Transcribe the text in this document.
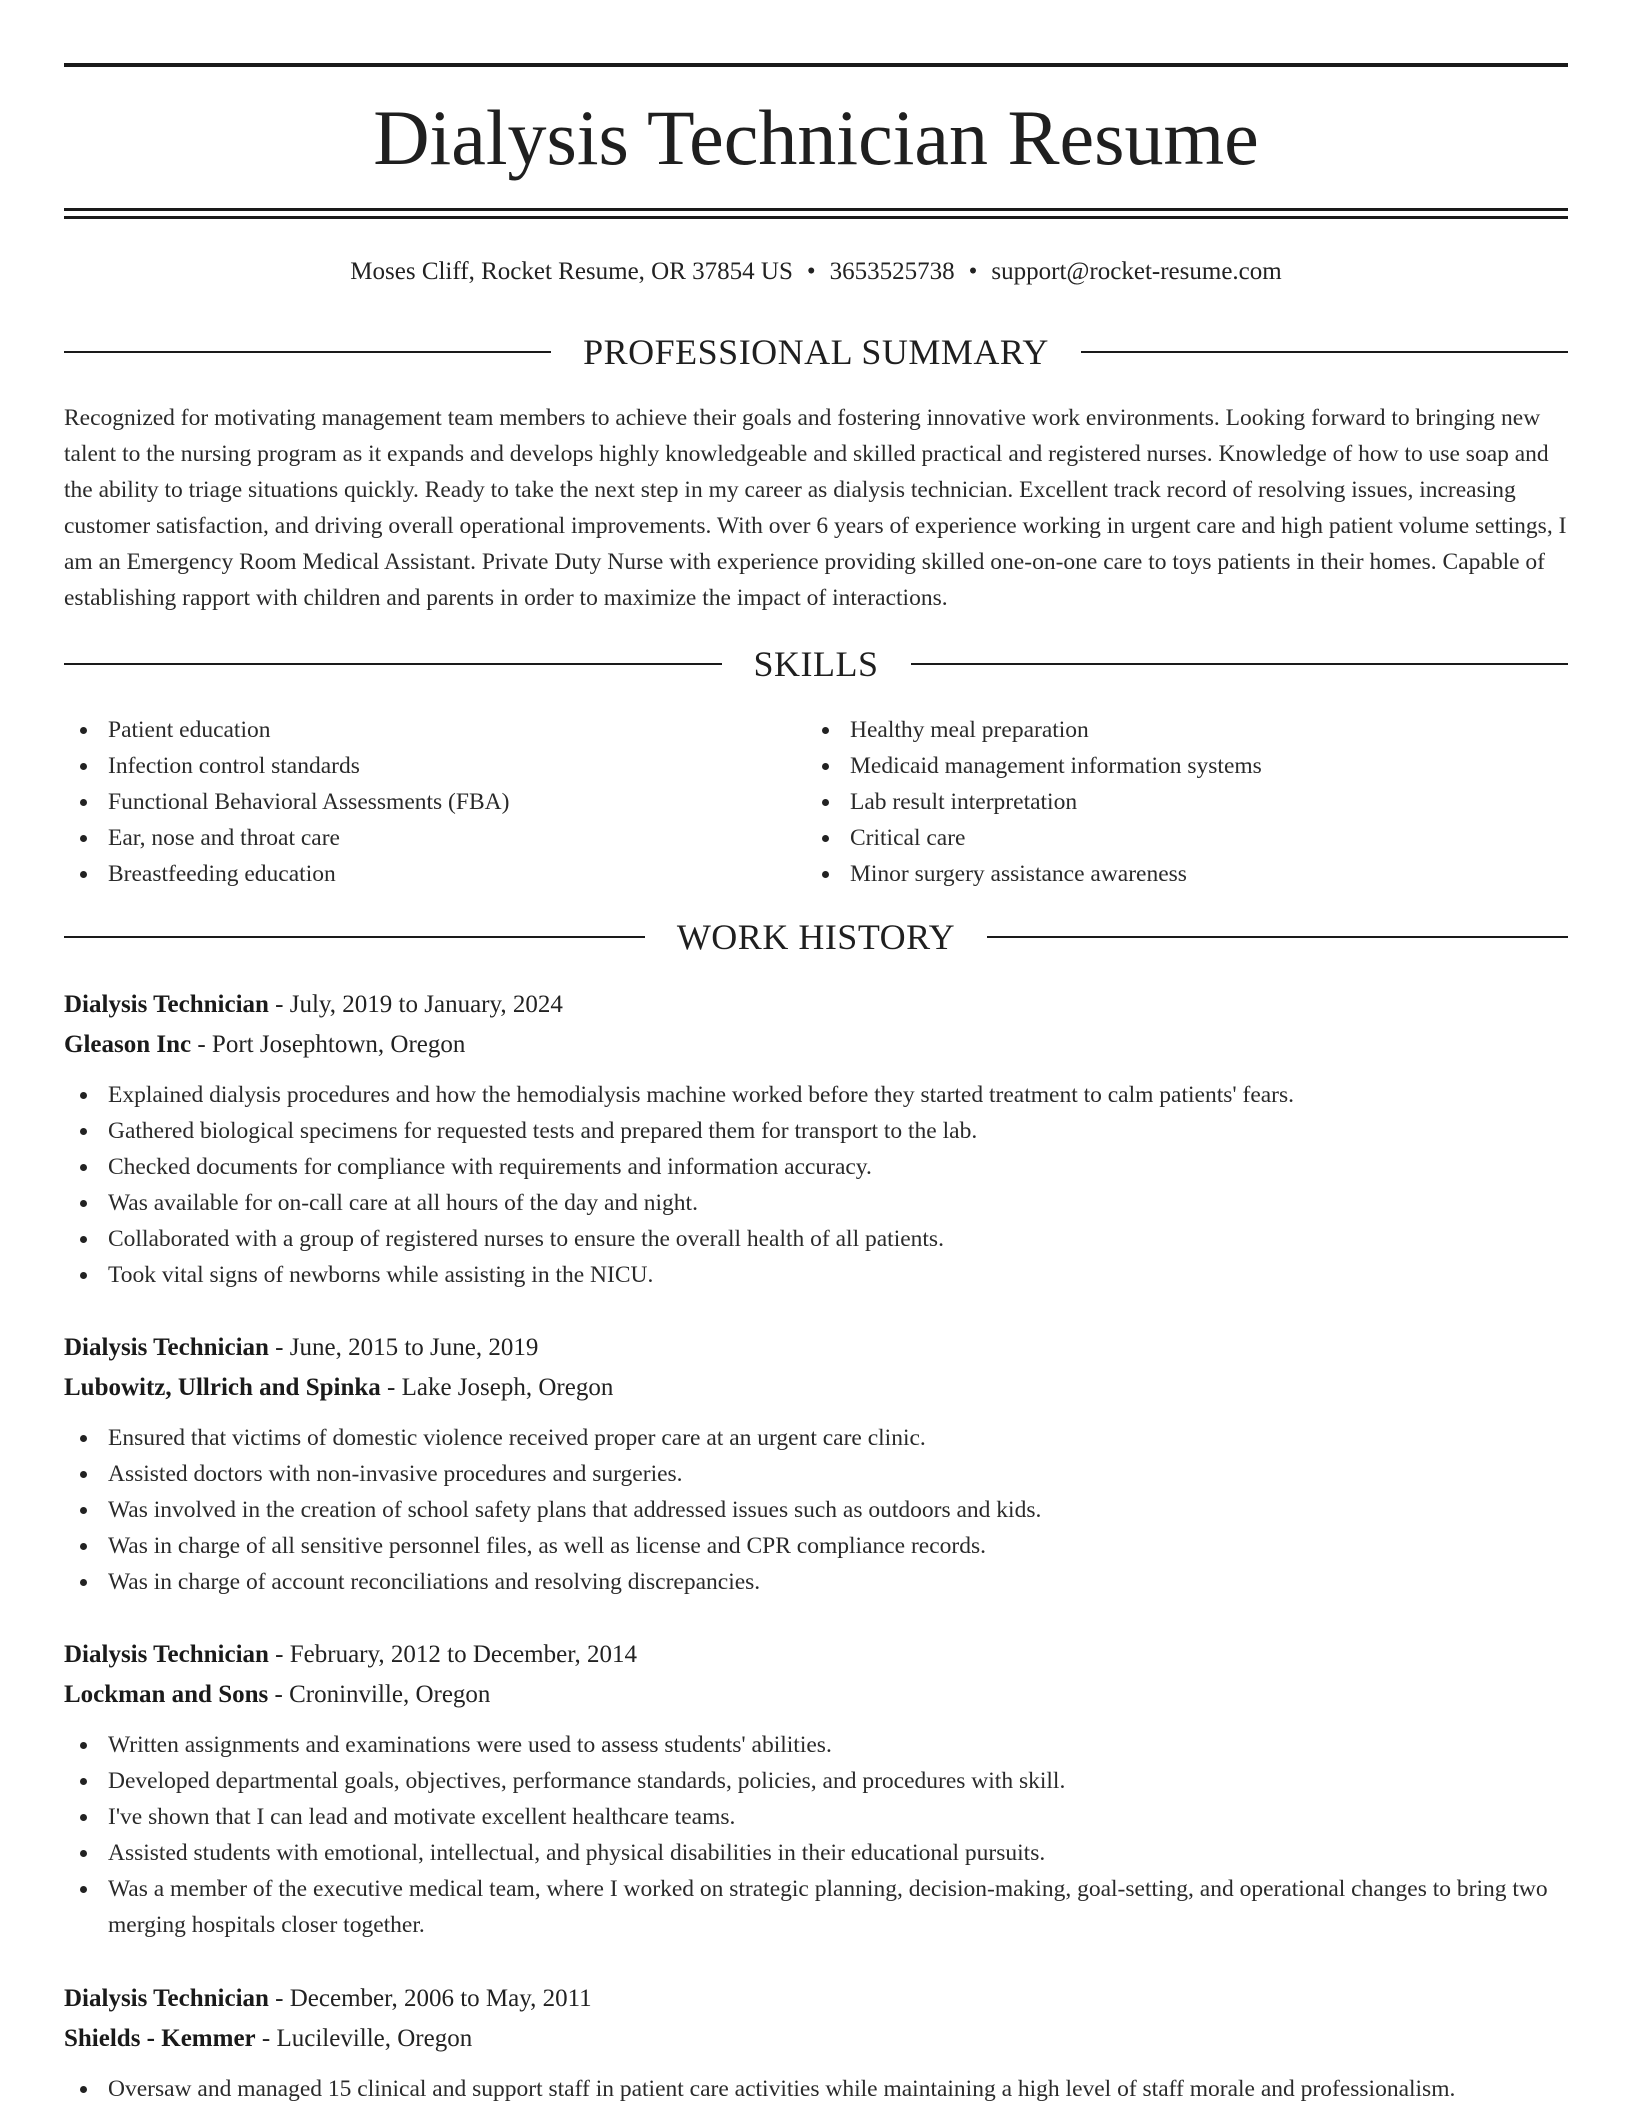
Dialysis Technician Resume
Moses Cliff, Rocket Resume, OR 37854 US • 3653525738 • support@rocket-resume.com
PROFESSIONAL SUMMARY

Recognized for motivating management team members to achieve their goals and fostering innovative work environments. Looking forward to bringing new talent to the nursing program as it expands and develops highly knowledgeable and skilled practical and registered nurses. Knowledge of how to use soap and the ability to triage situations quickly. Ready to take the next step in my career as dialysis technician. Excellent track record of resolving issues, increasing customer satisfaction, and driving overall operational improvements. With over 6 years of experience working in urgent care and high patient volume settings, I am an Emergency Room Medical Assistant. Private Duty Nurse with experience providing skilled one-on-one care to toys patients in their homes. Capable of establishing rapport with children and parents in order to maximize the impact of interactions.

SKILLS
Patient education
Infection control standards
Functional Behavioral Assessments (FBA)
Ear, nose and throat care
Breastfeeding education
Healthy meal preparation
Medicaid management information systems
Lab result interpretation
Critical care
Minor surgery assistance awareness
WORK HISTORY
Dialysis Technician - July, 2019 to January, 2024
Gleason Inc - Port Josephtown, Oregon
Explained dialysis procedures and how the hemodialysis machine worked before they started treatment to calm patients' fears.
Gathered biological specimens for requested tests and prepared them for transport to the lab.
Checked documents for compliance with requirements and information accuracy.
Was available for on-call care at all hours of the day and night.
Collaborated with a group of registered nurses to ensure the overall health of all patients.
Took vital signs of newborns while assisting in the NICU.
Dialysis Technician - June, 2015 to June, 2019
Lubowitz, Ullrich and Spinka - Lake Joseph, Oregon
Ensured that victims of domestic violence received proper care at an urgent care clinic.
Assisted doctors with non-invasive procedures and surgeries.
Was involved in the creation of school safety plans that addressed issues such as outdoors and kids.
Was in charge of all sensitive personnel files, as well as license and CPR compliance records.
Was in charge of account reconciliations and resolving discrepancies.
Dialysis Technician - February, 2012 to December, 2014
Lockman and Sons - Croninville, Oregon
Written assignments and examinations were used to assess students' abilities.
Developed departmental goals, objectives, performance standards, policies, and procedures with skill.
I've shown that I can lead and motivate excellent healthcare teams.
Assisted students with emotional, intellectual, and physical disabilities in their educational pursuits.
Was a member of the executive medical team, where I worked on strategic planning, decision-making, goal-setting, and operational changes to bring two merging hospitals closer together.
Dialysis Technician - December, 2006 to May, 2011
Shields - Kemmer - Lucileville, Oregon
Oversaw and managed 15 clinical and support staff in patient care activities while maintaining a high level of staff morale and professionalism.
